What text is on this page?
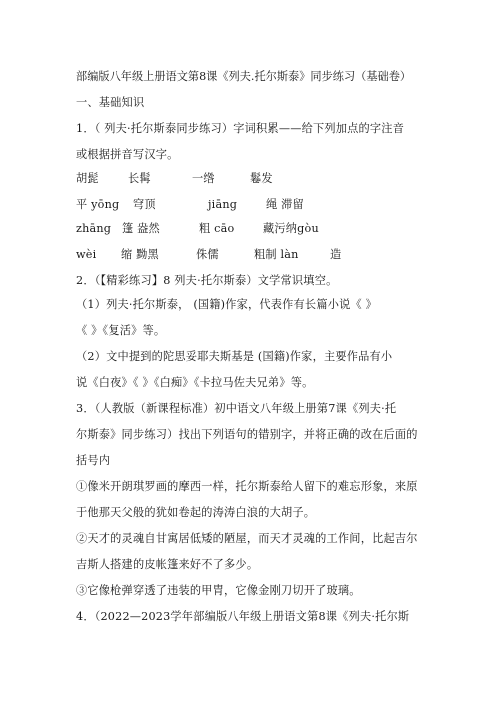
部编版八年级上册语文第8课《列夫.托尔斯泰》同步练习（基础卷）
一、基础知识
1．（ 列夫·托尔斯泰同步练习）字词积累——给下列加点的字注音
或根据拼音写汉字。
胡髭	长髯	一绺	鬈发
平 yōng 穹顶	jiāng	绳 滞留
zhāng 篷 盎然	粗 cāo	藏污纳gòu
wèi 缩 黝黑	侏儒	粗制 làn	造
2．（【精彩练习】8 列夫·托尔斯泰）文学常识填空。
（1）列夫·托尔斯泰， (国籍)作家，代表作有长篇小说《 》
《 》《复活》等。
（2）文中提到的陀思妥耶夫斯基是 (国籍)作家，主要作品有小
说《白夜》《 》《白痴》《卡拉马佐夫兄弟》等。
3．（人教版（新课程标准）初中语文八年级上册第7课《列夫·托
尔斯泰》同步练习）找出下列语句的错别字，并将正确的改在后面的
括号内
①像米开朗琪罗画的摩西一样，托尔斯泰给人留下的难忘形象，来原
于他那天父般的犹如卷起的涛涛白浪的大胡子。
②天才的灵魂自甘寓居低矮的陋屋，而天才灵魂的工作间，比起吉尔
吉斯人搭建的皮帐篷来好不了多少。
③它像枪弹穿透了违装的甲胄，它像金刚刀切开了玻璃。
4．（2022—2023学年部编版八年级上册语文第8课《列夫·托尔斯
